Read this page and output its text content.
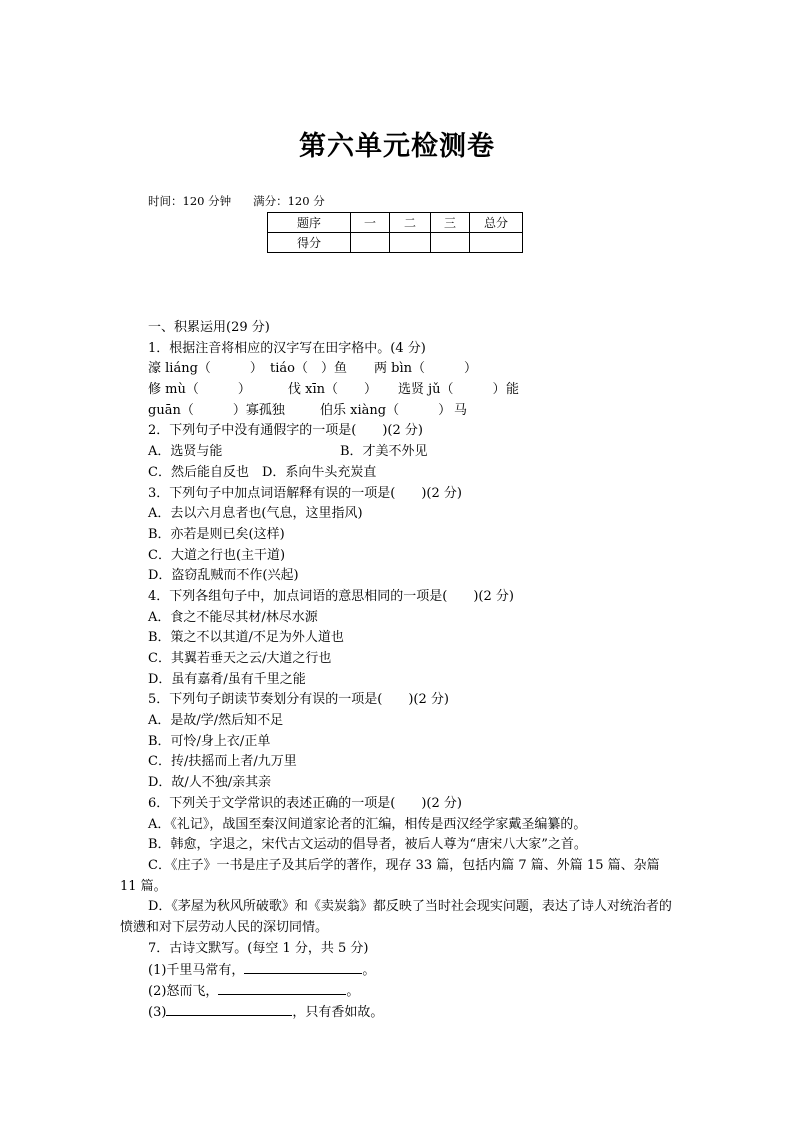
第六单元检测卷
时间：120 分钟 满分：120 分
题序	一	二	三	总分
得分				
一、积累运用(29 分)
1．根据注音将相应的汉字写在田字格中。(4 分)
濠 liáng（　　　） tiáo（　）鱼 两 bìn（　　　）
修 mù（　　　）	伐 xīn（　　） 选贤 jǔ（　　　）能
guān（　　　）寡孤独	伯乐 xiàng（　　　） 马
2．下列句子中没有通假字的一项是(　　)(2 分)
A．选贤与能	B．才美不外见
C．然后能自反也　D．系向牛头充炭直
3．下列句子中加点词语解释有误的一项是(　　)(2 分)
A．去以六月息者也(气息，这里指风)
B．亦若是则已矣(这样)
C．大道之行也(主干道)
D．盗窃乱贼而不作(兴起)
4．下列各组句子中，加点词语的意思相同的一项是(　　)(2 分)
A．食之不能尽其材/林尽水源
B．策之不以其道/不足为外人道也
C．其翼若垂天之云/大道之行也
D．虽有嘉肴/虽有千里之能
5．下列句子朗读节奏划分有误的一项是(　　)(2 分)
A．是故/学/然后知不足
B．可怜/身上衣/正单
C．抟/扶摇而上者/九万里
D．故/人不独/亲其亲
6．下列关于文学常识的表述正确的一项是(　　)(2 分)
A．《礼记》，战国至秦汉间道家论者的汇编，相传是西汉经学家戴圣编纂的。
B．韩愈，字退之，宋代古文运动的倡导者，被后人尊为“唐宋八大家”之首。
C．《庄子》一书是庄子及其后学的著作，现存 33 篇，包括内篇 7 篇、外篇 15 篇、杂篇 11 篇。
D．《茅屋为秋风所破歌》和《卖炭翁》都反映了当时社会现实问题，表达了诗人对统治者的愤懑和对下层劳动人民的深切同情。
7．古诗文默写。(每空 1 分，共 5 分)
(1)千里马常有，	。
(2)怒而飞，	。
(3)	，只有香如故。
